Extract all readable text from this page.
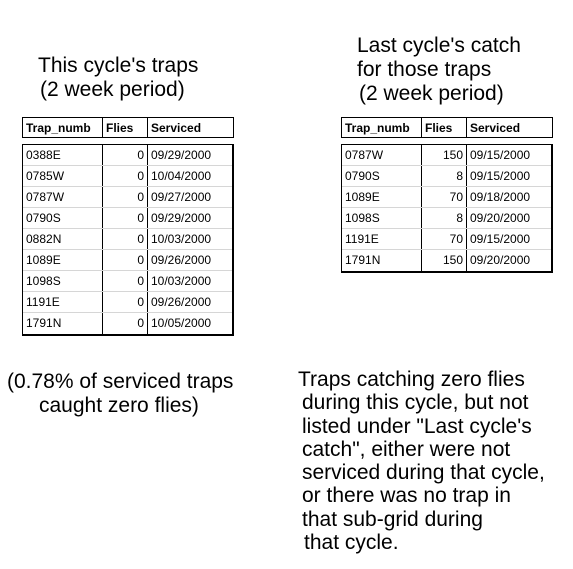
This cycle's traps
(2 week period)
Last cycle's catch
for those traps
(2 week period)
Trap_numb	Flies	Serviced
0388E	0 09/29/2000
0785W	0 10/04/2000
0787W	0 09/27/2000
0790S	0 09/29/2000
0882N	0 10/03/2000
1089E	0 09/26/2000
1098S	0 10/03/2000
1191E	0 09/26/2000
1791N	0 10/05/2000
Trap_numb	Flies	Serviced
0787W	150 09/15/2000
0790S	8 09/15/2000
1089E	70 09/18/2000
1098S	8 09/20/2000
1191E	70 09/15/2000
1791N	150 09/20/2000
(0.78% of serviced traps
caught zero flies)
Traps catching zero flies
during this cycle, but not
listed under "Last cycle's
catch", either were not
serviced during that cycle,
or there was no trap in
that sub-grid during
that cycle.
